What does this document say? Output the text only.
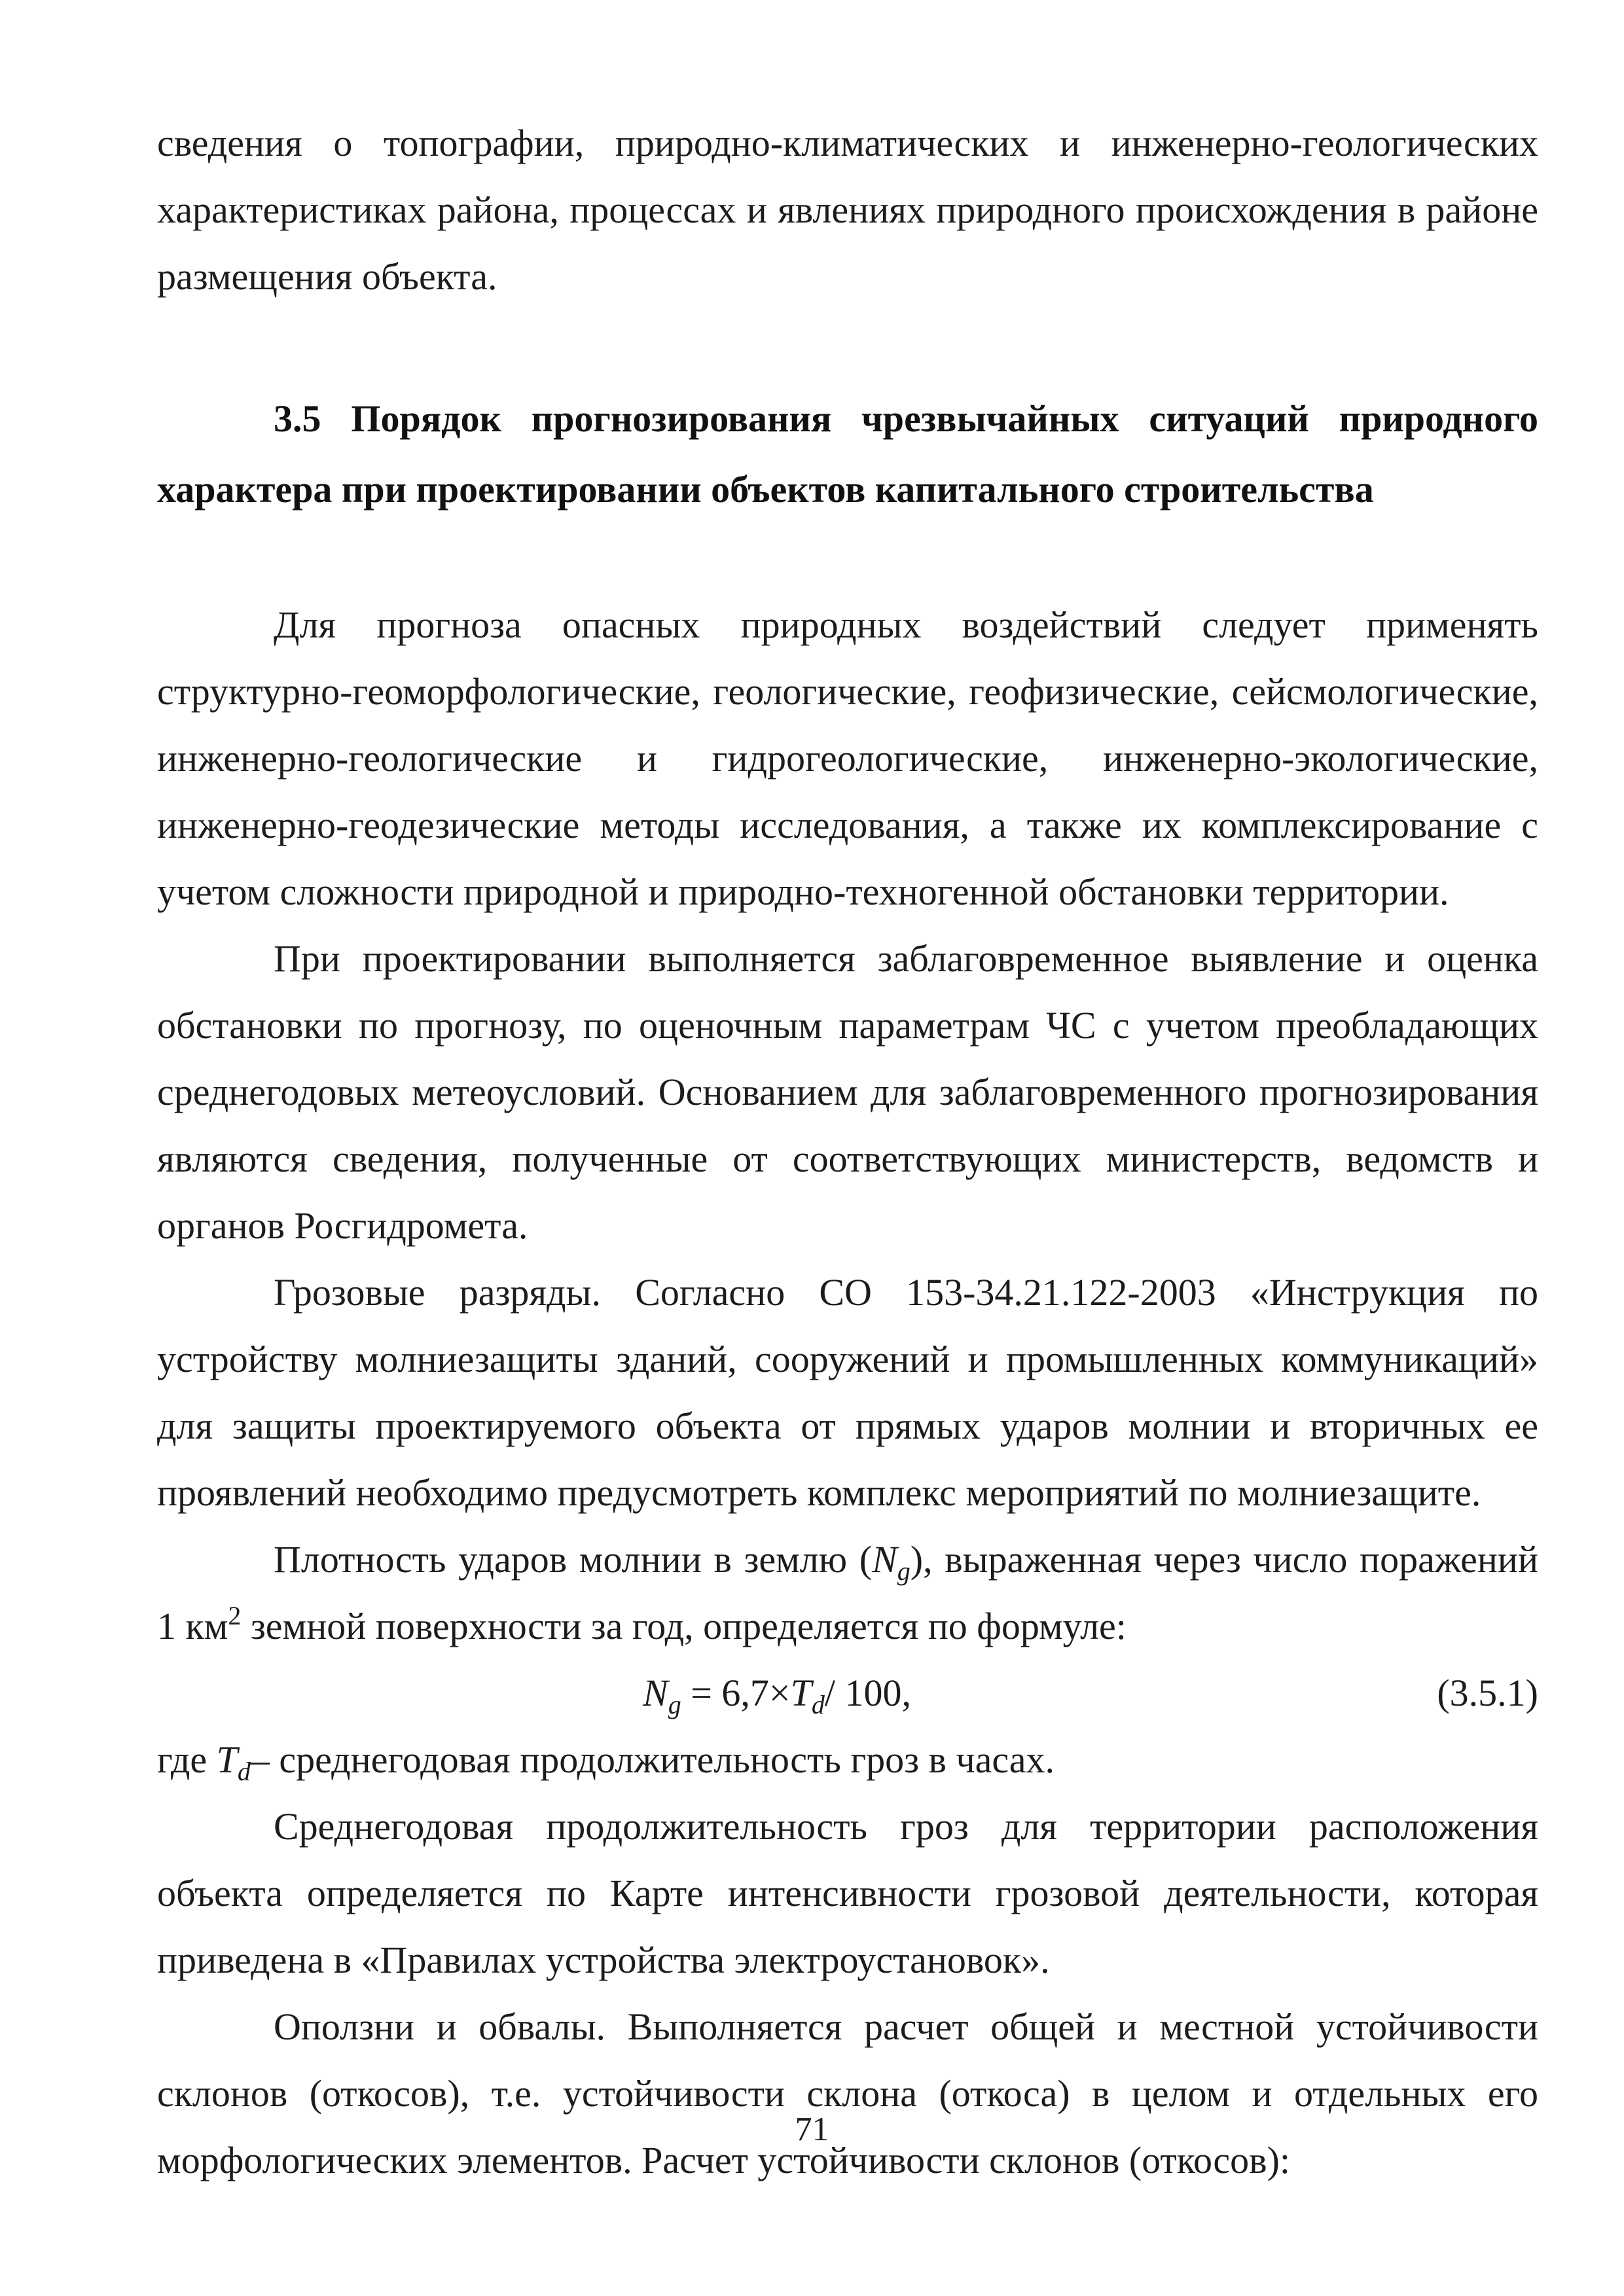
сведения о топографии, природно-климатических и инженерно-геологических характеристиках района, процессах и явлениях природного происхождения в районе размещения объекта.

3.5 Порядок прогнозирования чрезвычайных ситуаций природного характера при проектировании объектов капитального строительства

Для прогноза опасных природных воздействий следует применять структурно-геоморфологические, геологические, геофизические, сейсмологические, инженерно-геологические и гидрогеологические, инженерно-экологические, инженерно-геодезические методы исследования, а также их комплексирование с учетом сложности природной и природно-техногенной обстановки территории.

При проектировании выполняется заблаговременное выявление и оценка обстановки по прогнозу, по оценочным параметрам ЧС с учетом преобладающих среднегодовых метеоусловий. Основанием для заблаговременного прогнозирования являются сведения, полученные от соответствующих министерств, ведомств и органов Росгидромета.

Грозовые разряды. Согласно СО 153-34.21.122-2003 «Инструкция по устройству молниезащиты зданий, сооружений и промышленных коммуникаций» для защиты проектируемого объекта от прямых ударов молнии и вторичных ее проявлений необходимо предусмотреть комплекс мероприятий по молниезащите.

Плотность ударов молнии в землю $(N_g)$, выраженная через число поражений 1 $км^2$ земной поверхности за год, определяется по формуле:

$N_g = 6,7\times T_d/$ 100,	(3.5.1)

где $T_d-$ среднегодовая продолжительность гроз в часах.

Среднегодовая продолжительность гроз для территории расположения объекта определяется по Карте интенсивности грозовой деятельности, которая приведена в «Правилах устройства электроустановок».

Оползни и обвалы. Выполняется расчет общей и местной устойчивости склонов (откосов), т.е. устойчивости склона (откоса) в целом и отдельных его морфологических элементов. Расчет устойчивости склонов (откосов):

71
